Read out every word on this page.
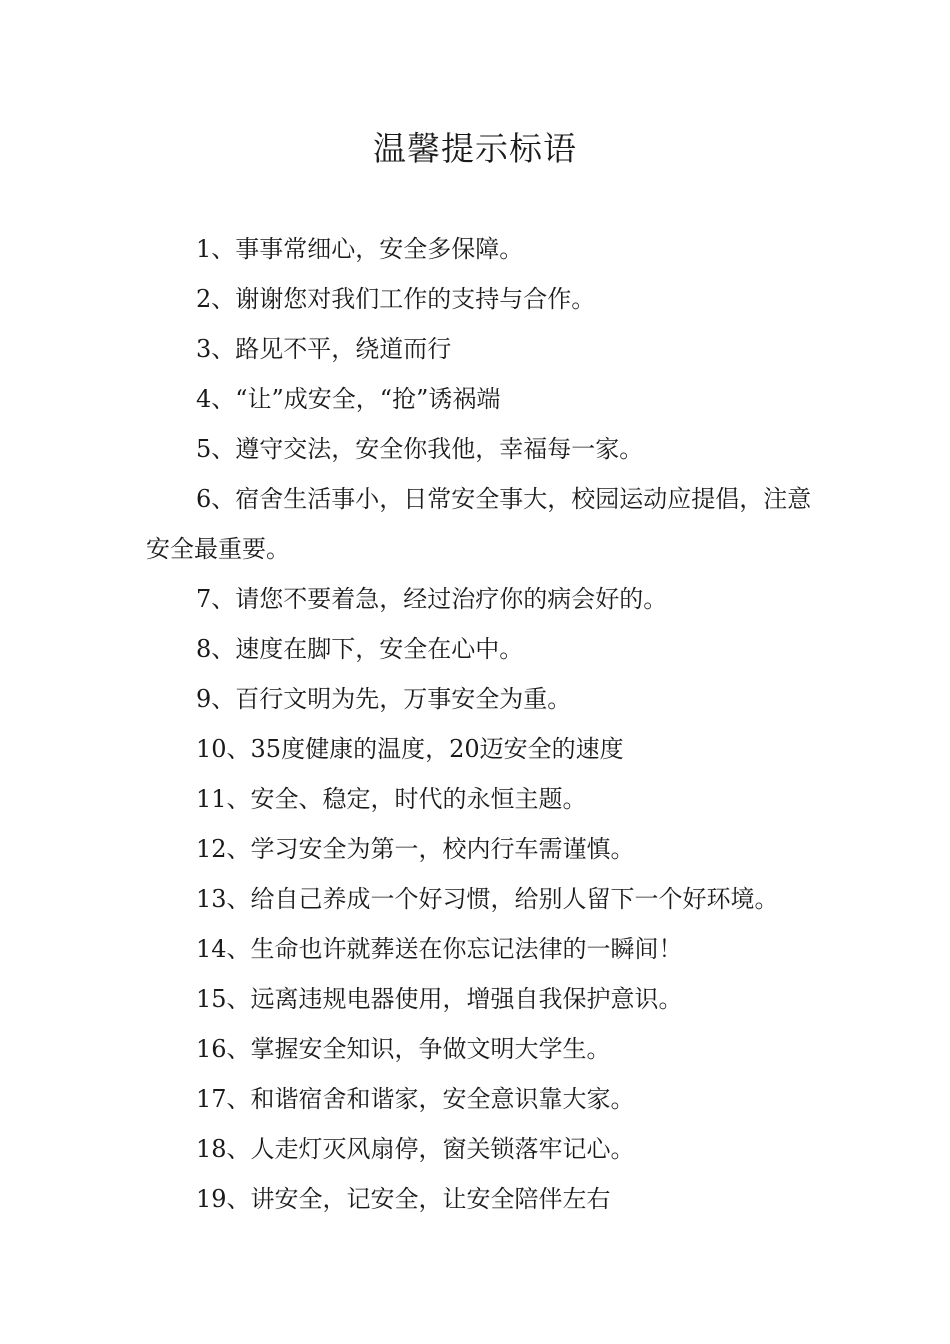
温馨提示标语

1、事事常细心，安全多保障。

2、谢谢您对我们工作的支持与合作。

3、路见不平，绕道而行

4、“让”成安全，“抢”诱祸端

5、遵守交法，安全你我他，幸福每一家。

6、宿舍生活事小，日常安全事大，校园运动应提倡，注意安全最重要。

7、请您不要着急，经过治疗你的病会好的。

8、速度在脚下，安全在心中。

9、百行文明为先，万事安全为重。

10、35度健康的温度，20迈安全的速度

11、安全、稳定，时代的永恒主题。

12、学习安全为第一，校内行车需谨慎。

13、给自己养成一个好习惯，给别人留下一个好环境。

14、生命也许就葬送在你忘记法律的一瞬间！

15、远离违规电器使用，增强自我保护意识。

16、掌握安全知识，争做文明大学生。

17、和谐宿舍和谐家，安全意识靠大家。

18、人走灯灭风扇停，窗关锁落牢记心。

19、讲安全，记安全，让安全陪伴左右
